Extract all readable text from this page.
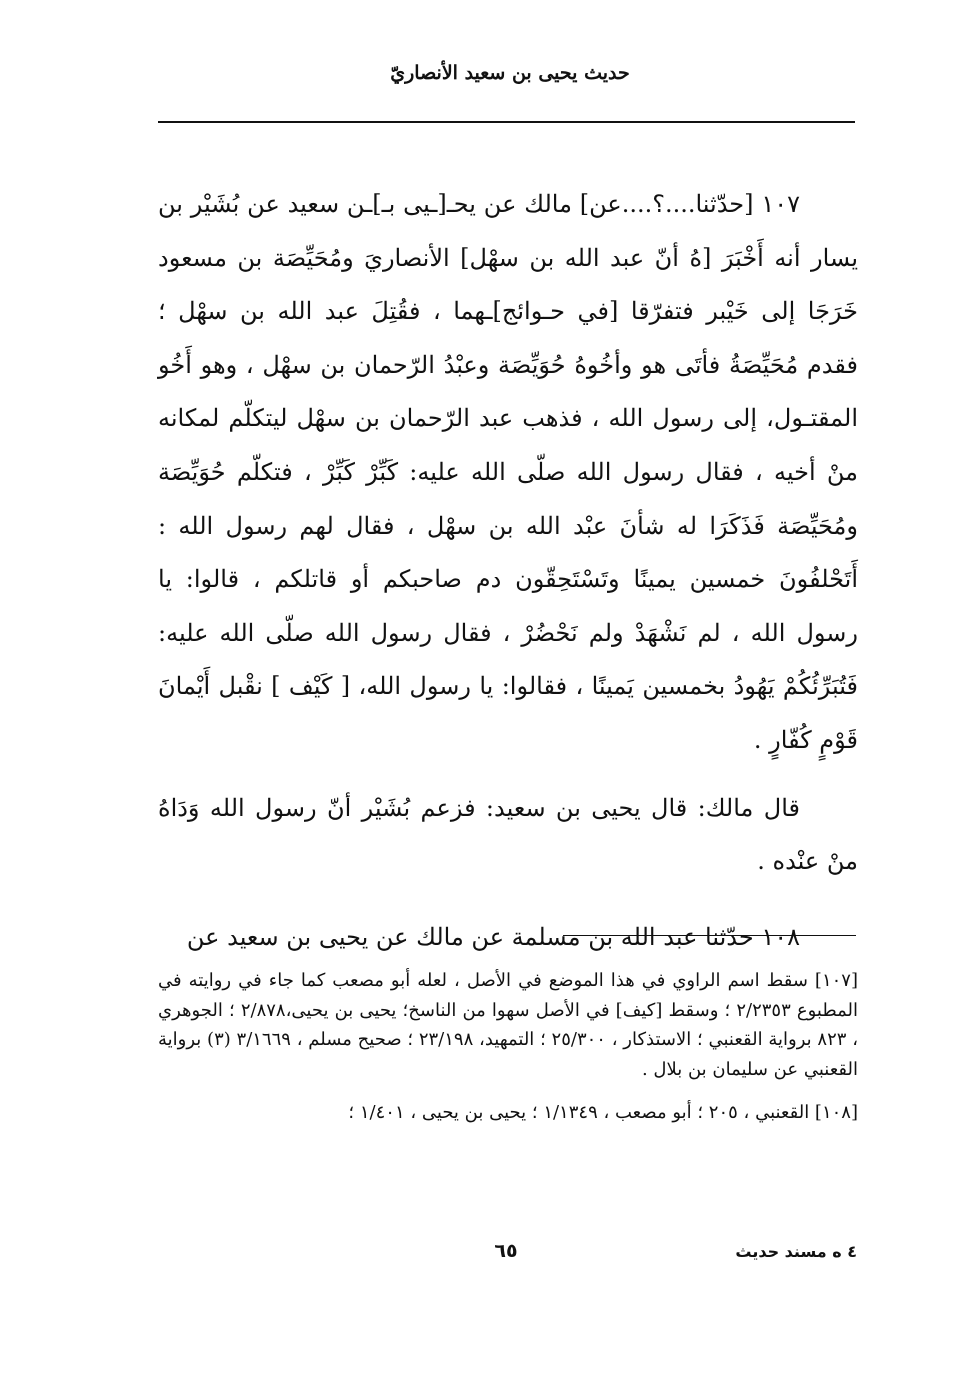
حديث يحيى بن سعيد الأنصاريّ

١٠٧ [حدّثنا....؟....عن] مالك عن يحـ[ـيى بـ]ـن سعيد عن بُشَيْر بن يسار أنه أَخْبَرَ [هُ أنّ عبد الله بن سهْل] الأنصاريَ ومُحَيِّصَة بن مسعود خَرَجَا إلى خَيْبر فتفرّقا [في حـوائج]ـهما ، فقُتِلَ عبد الله بن سهْل ؛ فقدم مُحَيِّصَةُ فأتَى هو وأخُوهُ حُوَيِّصَة وعبْدُ الرّحمان بن سهْل ، وهو أَخُو المقتـول، إلى رسول الله ، فذهب عبد الرّحمان بن سهْل ليتكلّم لمكانه منْ أخيه ، فقال رسول الله صلّى الله عليه: كَبِّرْ كَبِّرْ ، فتكلّم حُوَيِّصَة ومُحَيِّصَة فَذَكَرَا له شأنَ عبْد الله بن سهْل ، فقال لهم رسول الله : أَتَحْلفُونَ خمسين يمينًا وتَسْتَحِقّون دم صاحبكم أو قاتلكم ، قالوا: يا رسول الله ، لم نَشْهَدْ ولم نَحْضُرْ ، فقال رسول الله صلّى الله عليه: فَتُبَرِّئُكُمْ يَهُودُ بخمسين يَمينًا ، فقالوا: يا رسول الله، [ كَيْف ] نقْبل أَيْمانَ قَوْمٍ كُفّارٍ .

قال مالك: قال يحيى بن سعيد: فزعم بُشَيْر أنّ رسول الله وَدَاهُ منْ عنْده .

١٠٨ حدّثنا عبد الله بن مسلمة عن مالك عن يحيى بن سعيد عن

[١٠٧] سقط اسم الراوي في هذا الموضع في الأصل ، لعله أبو مصعب كما جاء في روايته في المطبوع ٢/٢٣٥٣ ؛ وسقط [كيف] في الأصل سهوا من الناسخ؛ يحيى بن يحيى،٢/٨٧٨ ؛ الجوهري ، ٨٢٣ برواية القعنبي ؛ الاستذكار ، ٢٥/٣٠٠ ؛ التمهيد، ٢٣/١٩٨ ؛ صحيح مسلم ، ٣/١٦٦٩ (٣) برواية القعنبي عن سليمان بن بلال .

[١٠٨] القعنبي ، ٢٠٥ ؛ أبو مصعب ، ١/١٣٤٩ ؛ يحيى بن يحيى ، ١/٤٠١ ؛

٤ ه مسند حديث
٦٥
